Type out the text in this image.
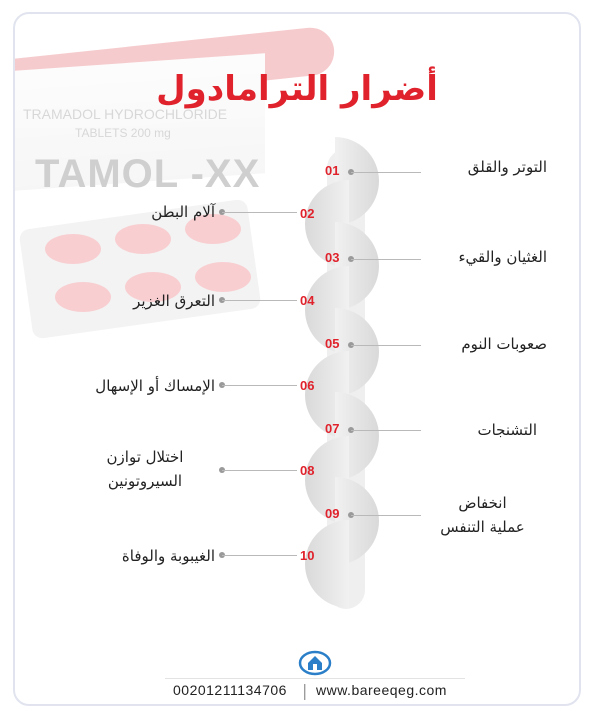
TRAMADOL HYDROCHLORIDE
TABLETS 200 mg
TAMOL -XX
أضرار الترامادول
01
02
03
04
05
06
07
08
09
10
التوتر والقلق
الغثيان والقيء
صعوبات النوم
التشنجات
انخفاض
عملية التنفس
آلام البطن
التعرق الغزير
الإمساك أو الإسهال
اختلال توازن
السيروتونين
الغيبوبة والوفاة
00201211134706 | www.bareeqeg.com
